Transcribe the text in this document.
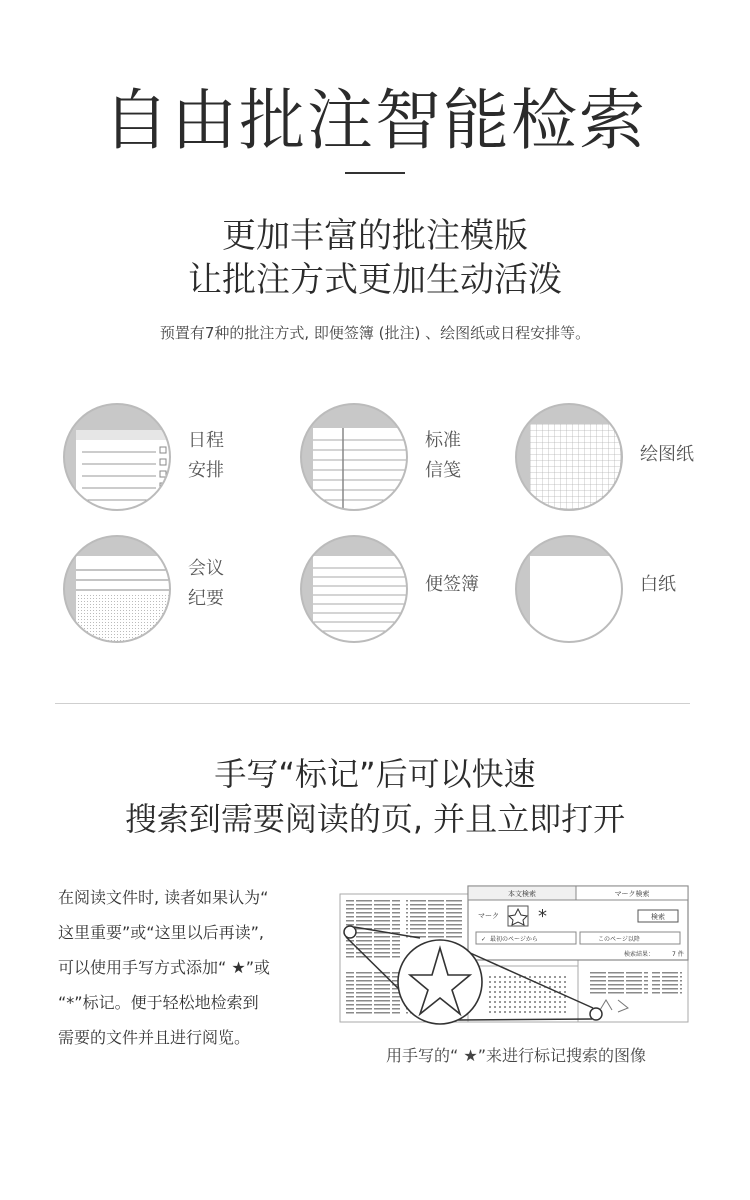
自由批注智能检索
更加丰富的批注模版
让批注方式更加生动活泼
预置有7种的批注方式, 即便签簿 (批注) 、绘图纸或日程安排等。
日程
安排
标准
信笺
绘图纸
会议
纪要
便签簿	白纸
手写“标记”后可以快速
搜索到需要阅读的页, 并且立即打开
在阅读文件时, 读者如果认为“
这里重要”或“这里以后再读”,
可以使用手写方式添加“ ★”或
“*”标记。便于轻松地检索到
需要的文件并且进行阅览。
本文検索	マーク検索
マーク *	検索
✓ 最初のページから	このページ以降
検索結果：	7 件
用手写的“ ★”来进行标记搜索的图像
